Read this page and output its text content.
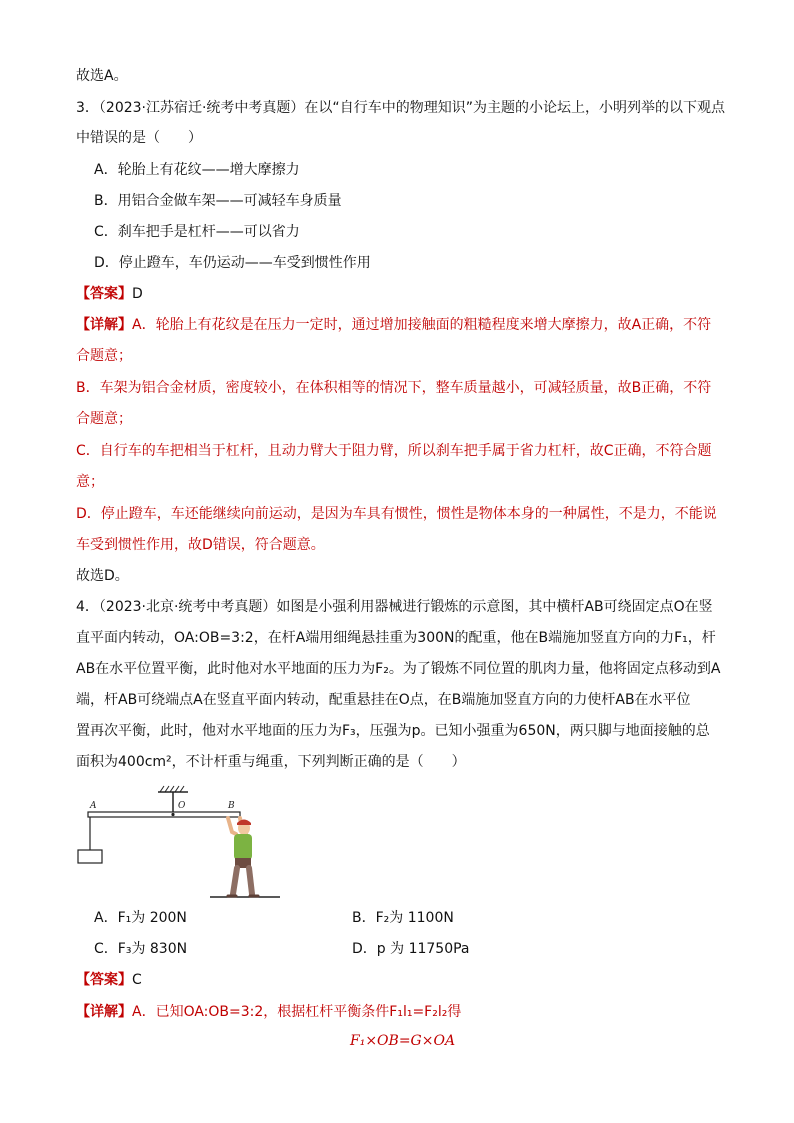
故选A。
3．（2023·江苏宿迁·统考中考真题）在以“自行车中的物理知识”为主题的小论坛上，小明列举的以下观点
中错误的是（　　）
A．轮胎上有花纹——增大摩擦力
B．用铝合金做车架——可减轻车身质量
C．刹车把手是杠杆——可以省力
D．停止蹬车，车仍运动——车受到惯性作用
【答案】D
【详解】A．轮胎上有花纹是在压力一定时，通过增加接触面的粗糙程度来增大摩擦力，故A正确，不符
合题意；
B．车架为铝合金材质，密度较小，在体积相等的情况下，整车质量越小，可减轻质量，故B正确，不符
合题意；
C．自行车的车把相当于杠杆，且动力臂大于阻力臂，所以刹车把手属于省力杠杆，故C正确，不符合题
意；
D．停止蹬车，车还能继续向前运动，是因为车具有惯性，惯性是物体本身的一种属性，不是力，不能说
车受到惯性作用，故D错误，符合题意。
故选D。
4．（2023·北京·统考中考真题）如图是小强利用器械进行锻炼的示意图，其中横杆AB可绕固定点O在竖
直平面内转动，OA:OB=3:2，在杆A端用细绳悬挂重为300N的配重，他在B端施加竖直方向的力F₁，杆
AB在水平位置平衡，此时他对水平地面的压力为F₂。为了锻炼不同位置的肌肉力量，他将固定点移动到A
端，杆AB可绕端点A在竖直平面内转动，配重悬挂在O点，在B端施加竖直方向的力使杆AB在水平位
置再次平衡，此时，他对水平地面的压力为F₃，压强为p。已知小强重为650N，两只脚与地面接触的总
面积为400cm²，不计杆重与绳重，下列判断正确的是（　　）
A	O	B
A．F₁为 200N	B．F₂为 1100N
C．F₃为 830N	D．p 为 11750Pa
【答案】C
【详解】A．已知OA:OB=3:2，根据杠杆平衡条件F₁l₁=F₂l₂得
F₁×OB=G×OA
